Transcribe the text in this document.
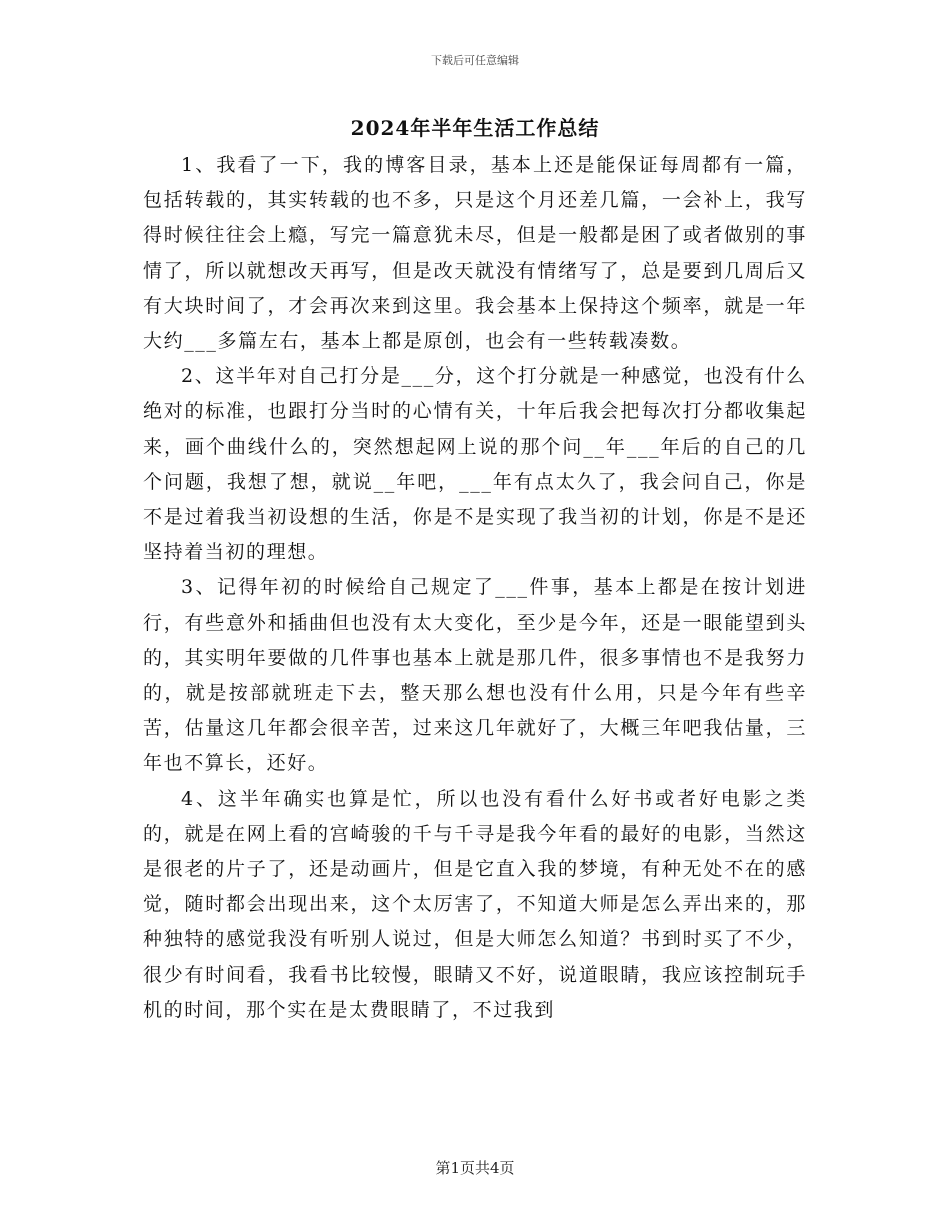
下载后可任意编辑
2024年半年生活工作总结

1、我看了一下，我的博客目录，基本上还是能保证每周都有一篇，包括转载的，其实转载的也不多，只是这个月还差几篇，一会补上，我写得时候往往会上瘾，写完一篇意犹未尽，但是一般都是困了或者做别的事情了，所以就想改天再写，但是改天就没有情绪写了，总是要到几周后又有大块时间了，才会再次来到这里。我会基本上保持这个频率，就是一年大约___多篇左右，基本上都是原创，也会有一些转载凑数。

2、这半年对自己打分是___分，这个打分就是一种感觉，也没有什么绝对的标准，也跟打分当时的心情有关，十年后我会把每次打分都收集起来，画个曲线什么的，突然想起网上说的那个问__年___年后的自己的几个问题，我想了想，就说__年吧，___年有点太久了，我会问自己，你是不是过着我当初设想的生活，你是不是实现了我当初的计划，你是不是还坚持着当初的理想。

3、记得年初的时候给自己规定了___件事，基本上都是在按计划进行，有些意外和插曲但也没有太大变化，至少是今年，还是一眼能望到头的，其实明年要做的几件事也基本上就是那几件，很多事情也不是我努力的，就是按部就班走下去，整天那么想也没有什么用，只是今年有些辛苦，估量这几年都会很辛苦，过来这几年就好了，大概三年吧我估量，三年也不算长，还好。

4、这半年确实也算是忙，所以也没有看什么好书或者好电影之类的，就是在网上看的宫崎骏的千与千寻是我今年看的最好的电影，当然这是很老的片子了，还是动画片，但是它直入我的梦境，有种无处不在的感觉，随时都会出现出来，这个太厉害了，不知道大师是怎么弄出来的，那种独特的感觉我没有听别人说过，但是大师怎么知道？书到时买了不少，很少有时间看，我看书比较慢，眼睛又不好，说道眼睛，我应该控制玩手机的时间，那个实在是太费眼睛了，不过我到

第1页共4页
